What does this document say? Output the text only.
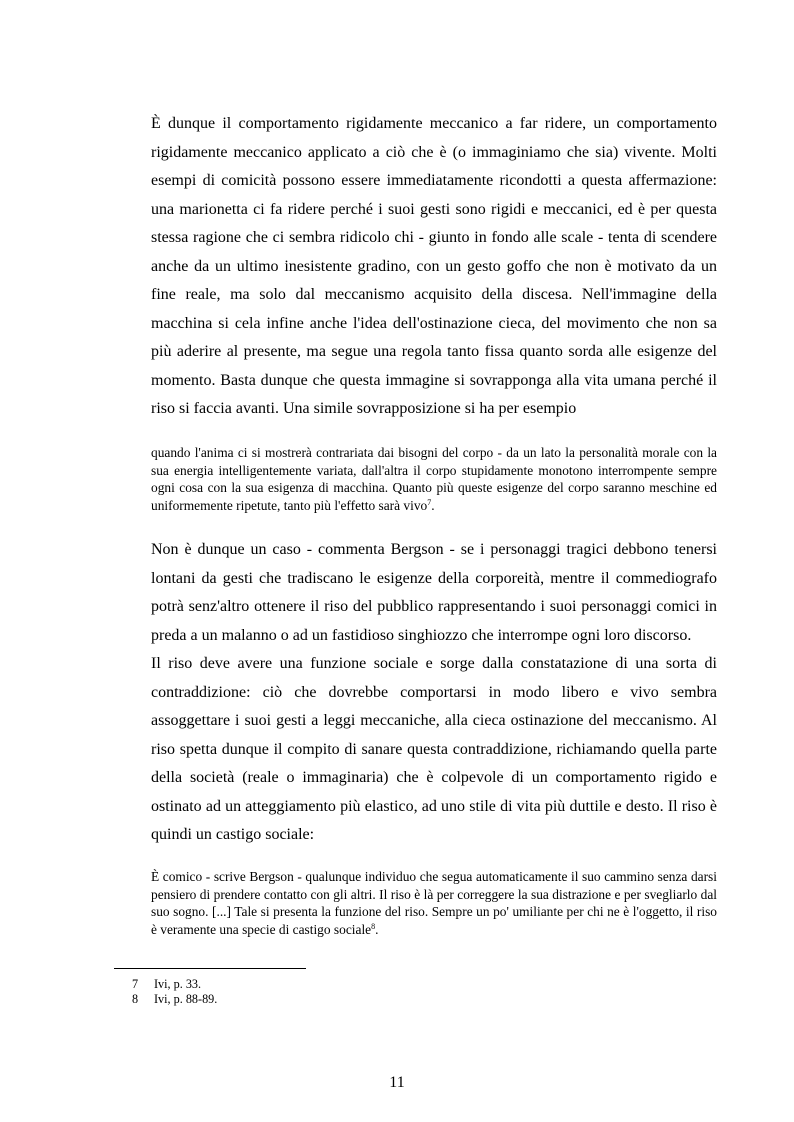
È dunque il comportamento rigidamente meccanico a far ridere, un comportamento rigidamente meccanico applicato a ciò che è (o immaginiamo che sia) vivente. Molti esempi di comicità possono essere immediatamente ricondotti a questa affermazione: una marionetta ci fa ridere perché i suoi gesti sono rigidi e meccanici, ed è per questa stessa ragione che ci sembra ridicolo chi - giunto in fondo alle scale - tenta di scendere anche da un ultimo inesistente gradino, con un gesto goffo che non è motivato da un fine reale, ma solo dal meccanismo acquisito della discesa. Nell'immagine della macchina si cela infine anche l'idea dell'ostinazione cieca, del movimento che non sa più aderire al presente, ma segue una regola tanto fissa quanto sorda alle esigenze del momento. Basta dunque che questa immagine si sovrapponga alla vita umana perché il riso si faccia avanti. Una simile sovrapposizione si ha per esempio

quando l'anima ci si mostrerà contrariata dai bisogni del corpo - da un lato la personalità morale con la sua energia intelligentemente variata, dall'altra il corpo stupidamente monotono interrompente sempre ogni cosa con la sua esigenza di macchina. Quanto più queste esigenze del corpo saranno meschine ed uniformemente ripetute, tanto più l'effetto sarà vivo$^7$.

Non è dunque un caso - commenta Bergson - se i personaggi tragici debbono tenersi lontani da gesti che tradiscano le esigenze della corporeità, mentre il commediografo potrà senz'altro ottenere il riso del pubblico rappresentando i suoi personaggi comici in preda a un malanno o ad un fastidioso singhiozzo che interrompe ogni loro discorso.

Il riso deve avere una funzione sociale e sorge dalla constatazione di una sorta di contraddizione: ciò che dovrebbe comportarsi in modo libero e vivo sembra assoggettare i suoi gesti a leggi meccaniche, alla cieca ostinazione del meccanismo. Al riso spetta dunque il compito di sanare questa contraddizione, richiamando quella parte della società (reale o immaginaria) che è colpevole di un comportamento rigido e ostinato ad un atteggiamento più elastico, ad uno stile di vita più duttile e desto. Il riso è quindi un castigo sociale:

È comico - scrive Bergson - qualunque individuo che segua automaticamente il suo cammino senza darsi pensiero di prendere contatto con gli altri. Il riso è là per correggere la sua distrazione e per svegliarlo dal suo sogno. [...] Tale si presenta la funzione del riso. Sempre un po' umiliante per chi ne è l'oggetto, il riso è veramente una specie di castigo sociale$^8$.

7 Ivi, p. 33.

8 Ivi, p. 88-89.

11
